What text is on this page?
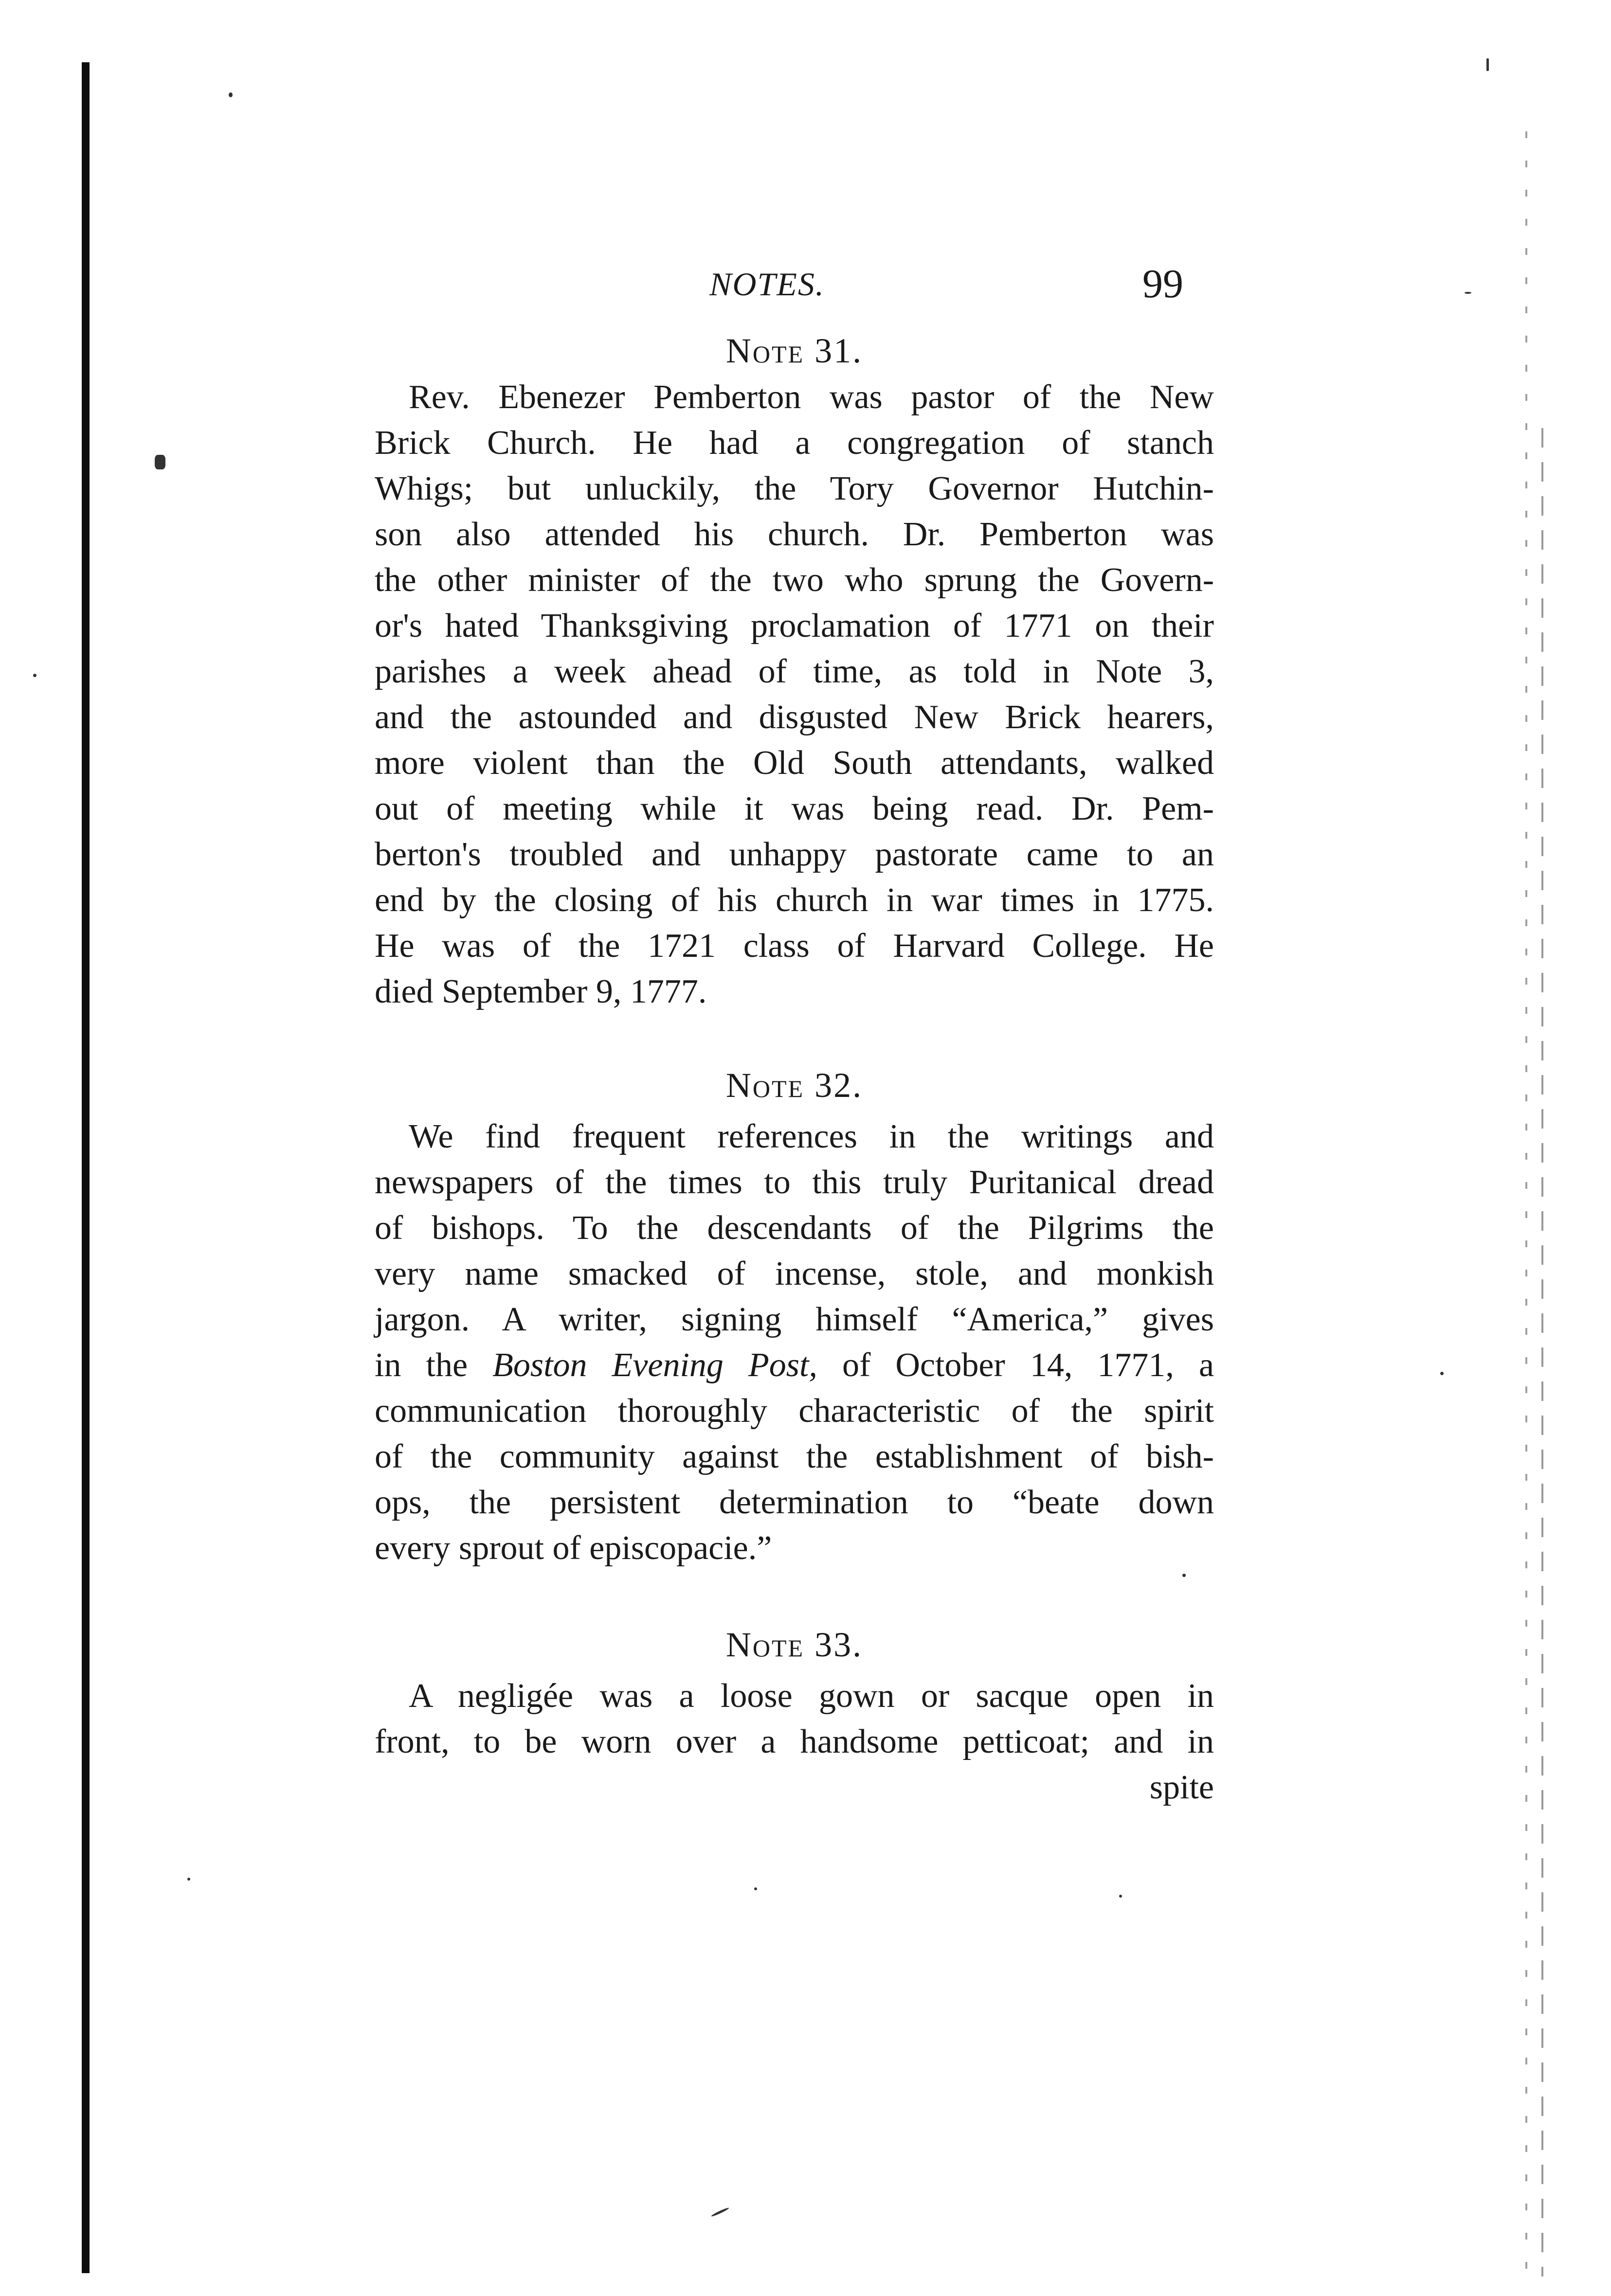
NOTES.	99
Note 31.
Rev. Ebenezer Pemberton was pastor of the New
Brick Church. He had a congregation of stanch
Whigs; but unluckily, the Tory Governor Hutchin-
son also attended his church. Dr. Pemberton was
the other minister of the two who sprung the Govern-
or's hated Thanksgiving proclamation of 1771 on their
parishes a week ahead of time, as told in Note 3,
and the astounded and disgusted New Brick hearers,
more violent than the Old South attendants, walked
out of meeting while it was being read. Dr. Pem-
berton's troubled and unhappy pastorate came to an
end by the closing of his church in war times in 1775.
He was of the 1721 class of Harvard College. He
died September 9, 1777.
Note 32.
We find frequent references in the writings and
newspapers of the times to this truly Puritanical dread
of bishops. To the descendants of the Pilgrims the
very name smacked of incense, stole, and monkish
jargon. A writer, signing himself “America,” gives
in the Boston Evening Post, of October 14, 1771, a
communication thoroughly characteristic of the spirit
of the community against the establishment of bish-
ops, the persistent determination to “beate down
every sprout of episcopacie.”
Note 33.
A negligée was a loose gown or sacque open in
front, to be worn over a handsome petticoat; and in
spite
